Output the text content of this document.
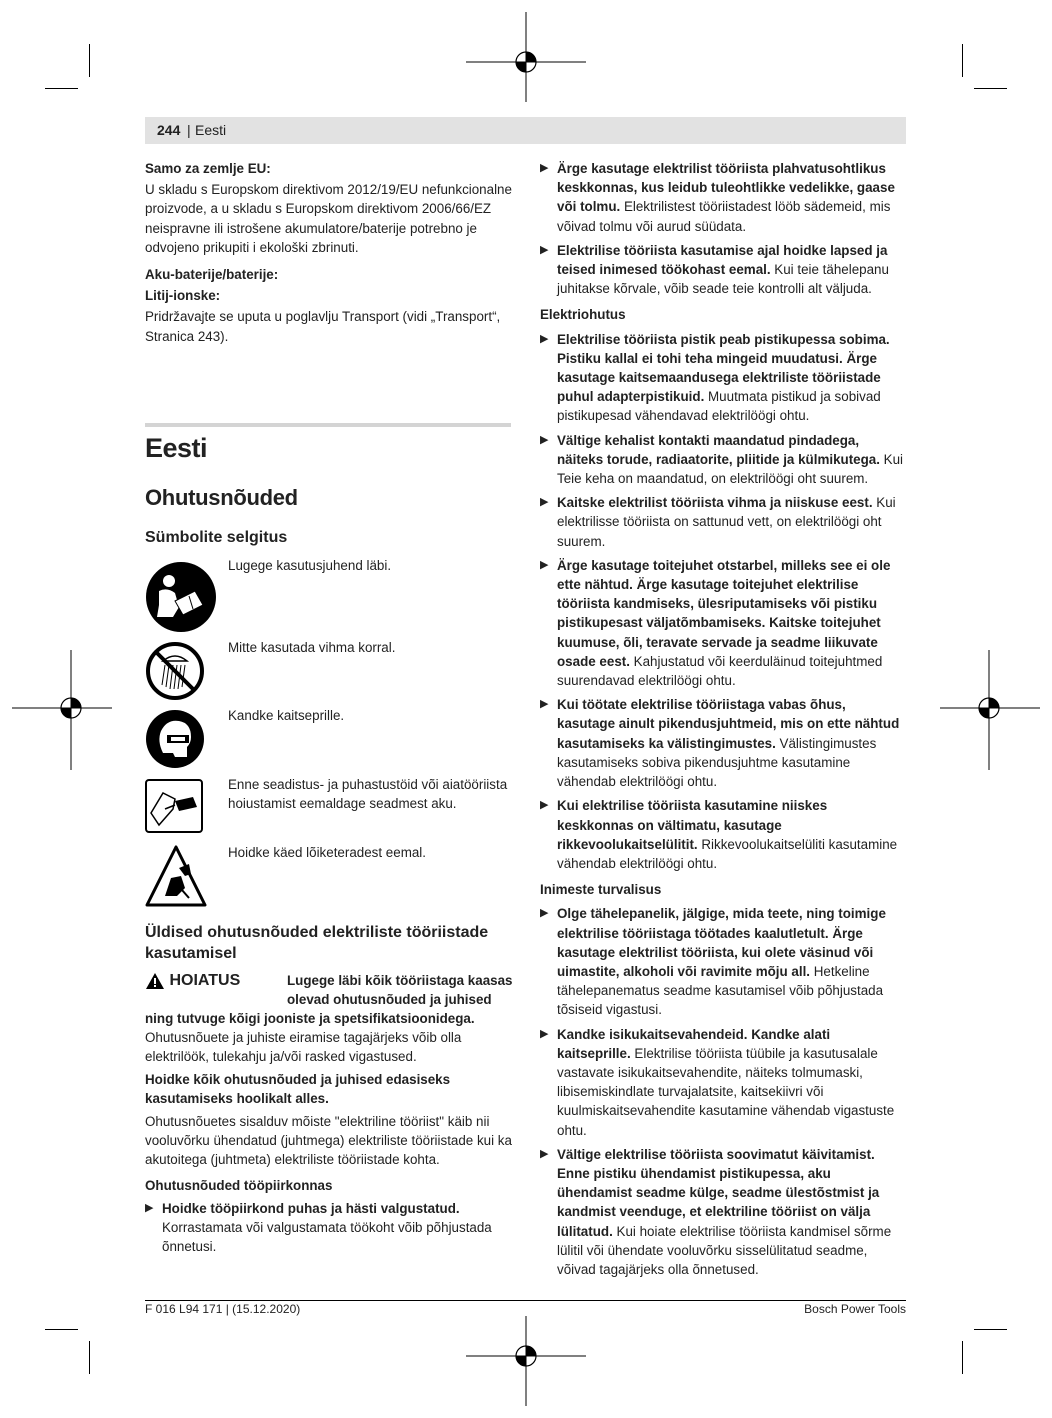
244 | Eesti

Samo za zemlje EU:

U skladu s Europskom direktivom 2012/19/EU nefunkcionalne proizvode, a u skladu s Europskom direktivom 2006/66/EZ neispravne ili istrošene akumulatore/baterije potrebno je odvojeno prikupiti i ekološki zbrinuti.

Aku-baterije/baterije:

Litij-ionske:

Pridržavajte se uputa u poglavlju Transport (vidi „Transport“, Stranica 243).

Eesti
Ohutusnõuded
Sümbolite selgitus
Lugege kasutusjuhend läbi.
Mitte kasutada vihma korral.
Kandke kaitseprille.
Enne seadistus- ja puhastustöid või aiatööriista hoiustamist eemaldage seadmest aku.
Hoidke käed lõiketeradest eemal.
Üldised ohutusnõuded elektriliste tööriistade kasutamisel
HOIATUS	Lugege läbi kõik tööriistaga kaasas olevad ohutusnõuded ja juhised

ning tutvuge kõigi jooniste ja spetsifikatsioonidega.

Ohutusnõuete ja juhiste eiramise tagajärjeks võib olla elektrilöök, tulekahju ja/või rasked vigastused.

Hoidke kõik ohutusnõuded ja juhised edasiseks kasutamiseks hoolikalt alles.

Ohutusnõuetes sisalduv mõiste "elektriline tööriist" käib nii vooluvõrku ühendatud (juhtmega) elektriliste tööriistade kui ka akutoitega (juhtmeta) elektriliste tööriistade kohta.

Ohutusnõuded tööpiirkonnas

▶ Hoidke tööpiirkond puhas ja hästi valgustatud.
Korrastamata või valgustamata töökoht võib põhjustada õnnetusi.
▶ Ärge kasutage elektrilist tööriista plahvatusohtlikus keskkonnas, kus leidub tuleohtlikke vedelikke, gaase või tolmu. Elektrilistest tööriistadest lööb sädemeid, mis võivad tolmu või aurud süüdata.
▶ Elektrilise tööriista kasutamise ajal hoidke lapsed ja teised inimesed töökohast eemal. Kui teie tähelepanu juhitakse kõrvale, võib seade teie kontrolli alt väljuda.

Elektriohutus

▶ Elektrilise tööriista pistik peab pistikupessa sobima. Pistiku kallal ei tohi teha mingeid muudatusi. Ärge kasutage kaitsemaandusega elektriliste tööriistade puhul adapterpistikuid. Muutmata pistikud ja sobivad pistikupesad vähendavad elektrilöögi ohtu.
▶ Vältige kehalist kontakti maandatud pindadega, näiteks torude, radiaatorite, pliitide ja külmikutega. Kui Teie keha on maandatud, on elektrilöögi oht suurem.
▶ Kaitske elektrilist tööriista vihma ja niiskuse eest. Kui elektrilisse tööriista on sattunud vett, on elektrilöögi oht suurem.
▶ Ärge kasutage toitejuhet otstarbel, milleks see ei ole ette nähtud. Ärge kasutage toitejuhet elektrilise tööriista kandmiseks, ülesriputamiseks või pistiku pistikupesast väljatõmbamiseks. Kaitske toitejuhet kuumuse, õli, teravate servade ja seadme liikuvate osade eest. Kahjustatud või keerduläinud toitejuhtmed suurendavad elektrilöögi ohtu.
▶ Kui töötate elektrilise tööriistaga vabas õhus, kasutage ainult pikendusjuhtmeid, mis on ette nähtud kasutamiseks ka välistingimustes. Välistingimustes kasutamiseks sobiva pikendusjuhtme kasutamine vähendab elektrilöögi ohtu.
▶ Kui elektrilise tööriista kasutamine niiskes keskkonnas on vältimatu, kasutage rikkevoolukaitselülitit. Rikkevoolukaitselüliti kasutamine vähendab elektrilöögi ohtu.

Inimeste turvalisus

▶ Olge tähelepanelik, jälgige, mida teete, ning toimige elektrilise tööriistaga töötades kaalutletult. Ärge kasutage elektrilist tööriista, kui olete väsinud või uimastite, alkoholi või ravimite mõju all. Hetkeline tähelepanematus seadme kasutamisel võib põhjustada tõsiseid vigastusi.
▶ Kandke isikukaitsevahendeid. Kandke alati kaitseprille. Elektrilise tööriista tüübile ja kasutusalale vastavate isikukaitsevahendite, näiteks tolmumaski, libisemiskindlate turvajalatsite, kaitsekiivri või kuulmiskaitsevahendite kasutamine vähendab vigastuste ohtu.
▶ Vältige elektrilise tööriista soovimatut käivitamist. Enne pistiku ühendamist pistikupessa, aku ühendamist seadme külge, seadme ülestõstmist ja kandmist veenduge, et elektriline tööriist on välja lülitatud. Kui hoiate elektrilise tööriista kandmisel sõrme lülitil või ühendate vooluvõrku sisselülitatud seadme, võivad tagajärjeks olla õnnetused.
F 016 L94 171 | (15.12.2020)	Bosch Power Tools
